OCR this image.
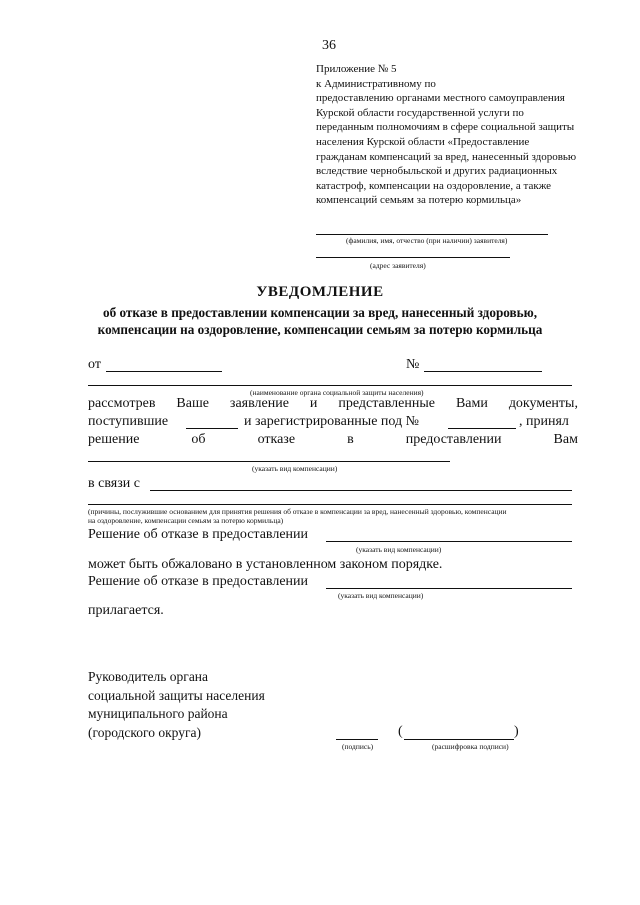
36
Приложение № 5
к Административному по
предоставлению органами местного самоуправления
Курской области государственной услуги по
переданным полномочиям в сфере социальной защиты
населения Курской области «Предоставление
гражданам компенсаций за вред, нанесенный здоровью
вследствие чернобыльской и других радиационных
катастроф, компенсации на оздоровление, а также
компенсаций семьям за потерю кормильца»
(фамилия, имя, отчество (при наличии) заявителя)
(адрес заявителя)
УВЕДОМЛЕНИЕ
об отказе в предоставлении компенсации за вред, нанесенный здоровью, компенсации на оздоровление, компенсации семьям за потерю кормильца
от	№
(наименование органа социальной защиты населения)
рассмотрев Ваше заявление и представленные Вами документы,
поступившие	и зарегистрированные под №	, принял
решение	об	отказе	в	предоставлении	Вам
(указать вид компенсации)
в связи с
(причины, послужившие основанием для принятия решения об отказе в компенсации за вред, нанесенный здоровью, компенсации
на оздоровление, компенсации семьям за потерю кормильца)
Решение об отказе в предоставлении
(указать вид компенсации)
может быть обжаловано в установленном законом порядке.
Решение об отказе в предоставлении
(указать вид компенсации)
прилагается.
Руководитель органа
социальной защиты населения
муниципального района
(городского округа)
(подпись)
(	)
(расшифровка подписи)
